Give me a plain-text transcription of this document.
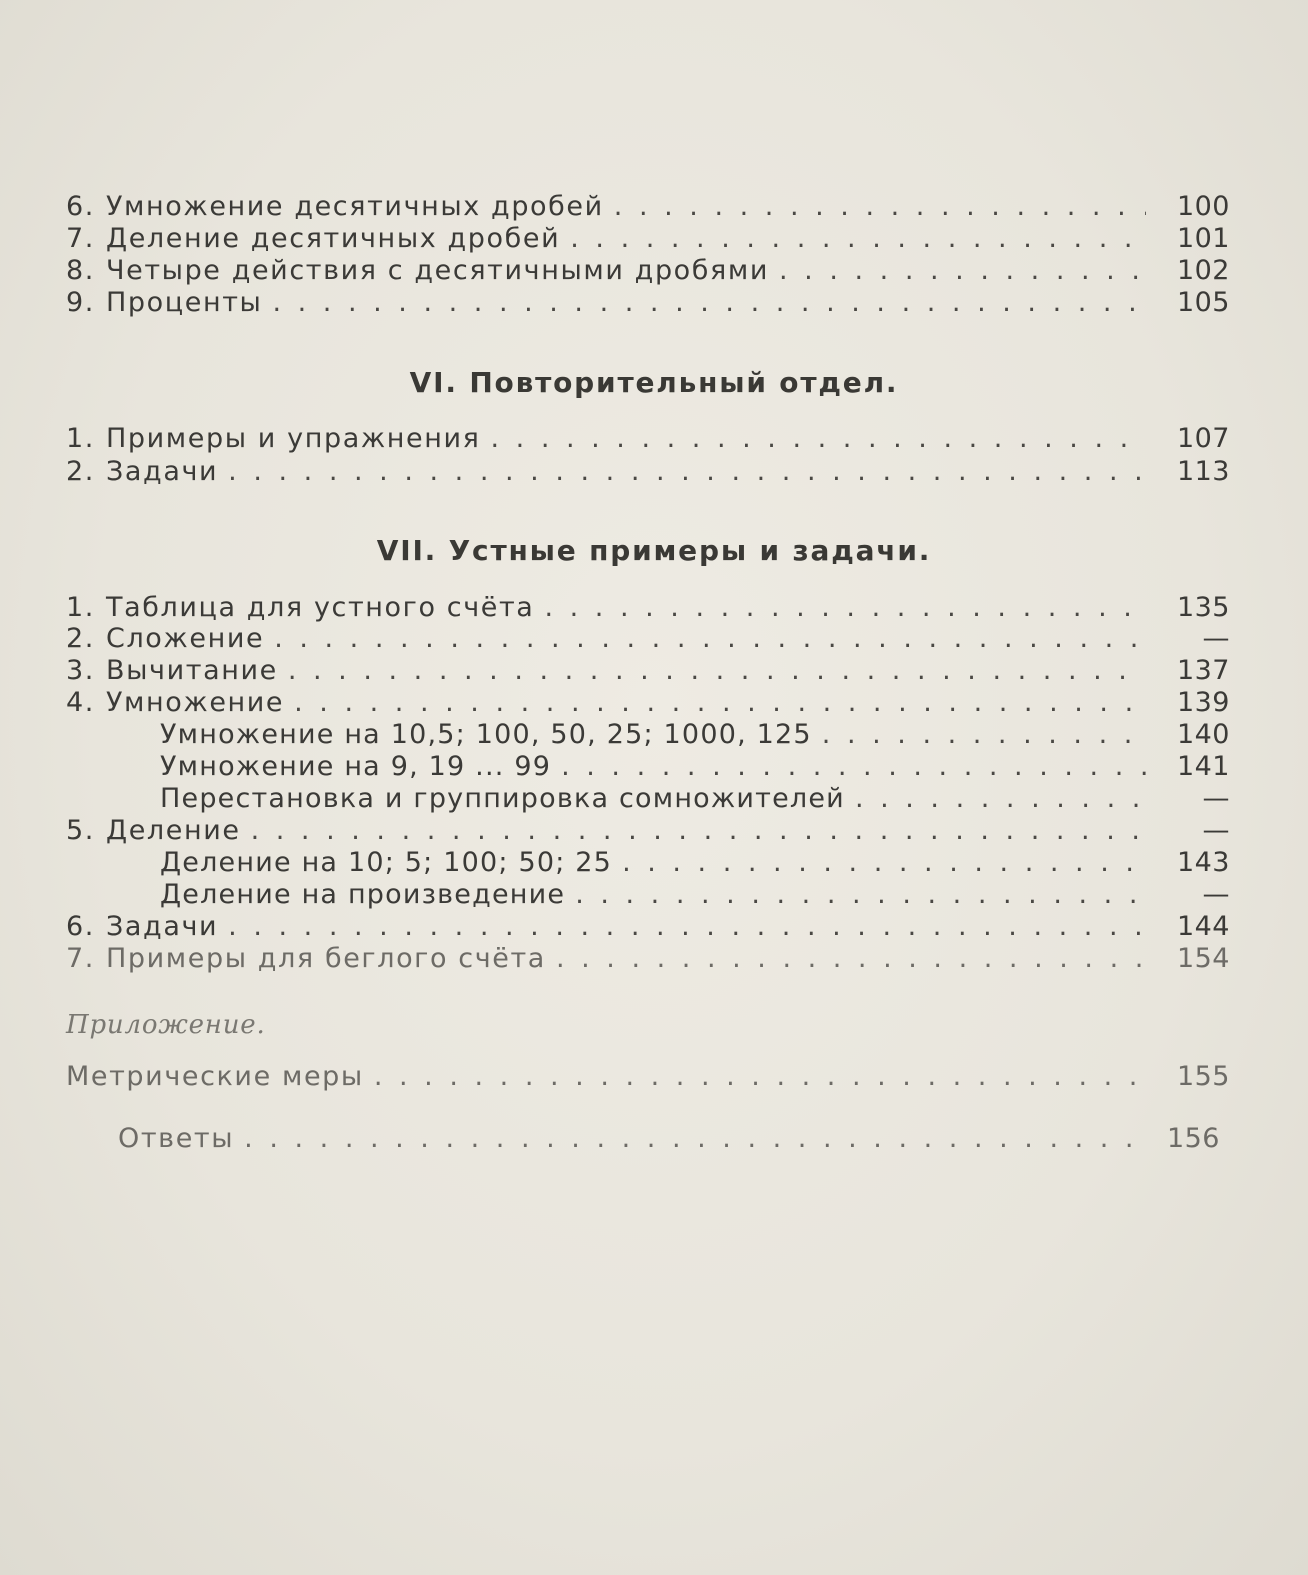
6. Умножение десятичных дробей . . .	100
7. Деление десятичных дробей . . .	101
8. Четыре действия с десятичными дробями . . .	102
9. Проценты . . .	105
VI. Повторительный отдел.
1. Примеры и упражнения . . .	107
2. Задачи . . .	113
VII. Устные примеры и задачи.
1. Таблица для устного счёта . . .	135
2. Сложение . . .	—
3. Вычитание . . .	137
4. Умножение . . .	139
Умножение на 10,5; 100, 50, 25; 1000, 125 . . .	140
Умножение на 9, 19 ... 99 . . .	141
Перестановка и группировка сомножителей . . .	—
5. Деление . . .	—
Деление на 10; 5; 100; 50; 25 . . .	143
Деление на произведение . . .	—
6. Задачи . . .	144
7. Примеры для беглого счёта . . .	154
Приложение.
Метрические меры . . .	155
Ответы . . .	156
